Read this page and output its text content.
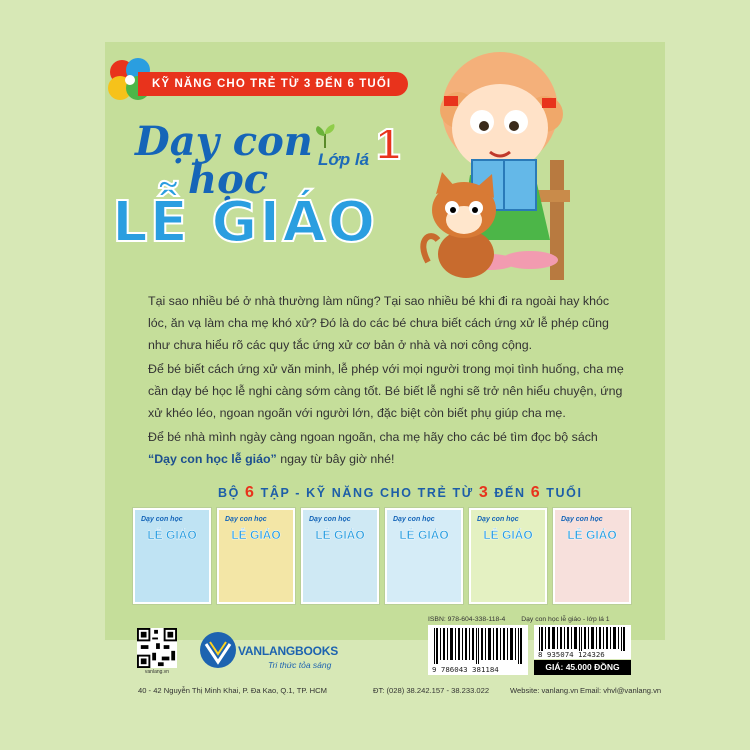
KỸ NĂNG CHO TRẺ TỪ 3 ĐẾN 6 TUỔI
Dạy con
học
LỄ GIÁO
Lớp lá 1

Tại sao nhiều bé ở nhà thường làm nũng? Tại sao nhiều bé khi đi ra ngoài hay khóc lóc, ăn vạ làm cha mẹ khó xử? Đó là do các bé chưa biết cách ứng xử lễ phép cũng như chưa hiểu rõ các quy tắc ứng xử cơ bản ở nhà và nơi công cộng.

Để bé biết cách ứng xử văn minh, lễ phép với mọi người trong mọi tình huống, cha mẹ cần dạy bé học lễ nghi càng sớm càng tốt. Bé biết lễ nghi sẽ trở nên hiểu chuyện, ứng xử khéo léo, ngoan ngoãn với người lớn, đặc biệt còn biết phụ giúp cha mẹ.

Để bé nhà mình ngày càng ngoan ngoãn, cha mẹ hãy cho các bé tìm đọc bộ sách “Dạy con học lễ giáo” ngay từ bây giờ nhé!

BỘ 6 TẬP - KỸ NĂNG CHO TRẺ TỪ 3 ĐẾN 6 TUỔI
Dạy con học
LỄ GIÁO
Dạy con học
LỄ GIÁO
Dạy con học
LỄ GIÁO
Dạy con học
LỄ GIÁO
Dạy con học
LỄ GIÁO
Dạy con học
LỄ GIÁO
vanlang.vn
VANLANGBOOKS
Tri thức tỏa sáng
ISBN: 978-604-338-118-4 Dạy con học lễ giáo - lớp lá 1
9 786043 381184
8 935074 124326
GIÁ: 45.000 ĐỒNG
40 - 42 Nguyễn Thị Minh Khai, P. Đa Kao, Q.1, TP. HCM	ĐT: (028) 38.242.157 - 38.233.022	Website: vanlang.vn Email: vhvl@vanlang.vn
